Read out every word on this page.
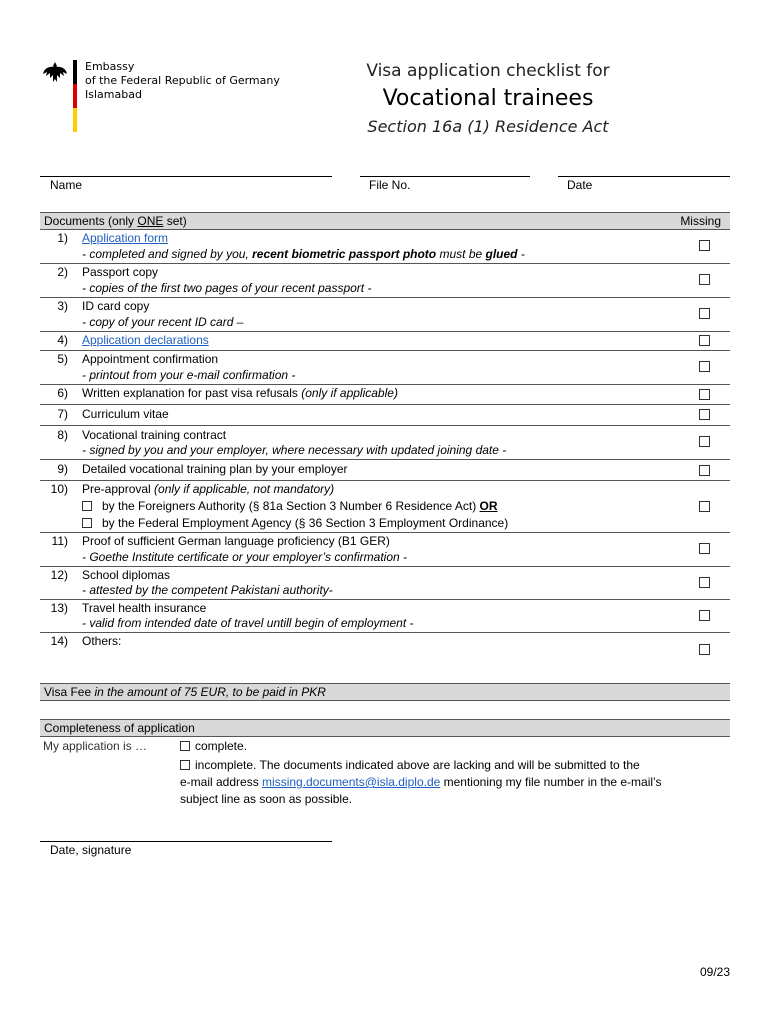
Embassy
of the Federal Republic of Germany
Islamabad
Visa application checklist for
Vocational trainees
Section 16a (1) Residence Act
Name	File No.	Date
Documents (only ONE set)	Missing
1) Application form
- completed and signed by you, recent biometric passport photo must be glued -
2) Passport copy
- copies of the first two pages of your recent passport -
3) ID card copy
- copy of your recent ID card –
4) Application declarations
5) Appointment confirmation
- printout from your e-mail confirmation -
6) Written explanation for past visa refusals (only if applicable)
7) Curriculum vitae
8) Vocational training contract
- signed by you and your employer, where necessary with updated joining date -
9) Detailed vocational training plan by your employer
10) Pre-approval (only if applicable, not mandatory)
by the Foreigners Authority (§ 81a Section 3 Number 6 Residence Act) OR
by the Federal Employment Agency (§ 36 Section 3 Employment Ordinance)
11) Proof of sufficient German language proficiency (B1 GER)
- Goethe Institute certificate or your employer’s confirmation -
12) School diplomas
- attested by the competent Pakistani authority-
13) Travel health insurance
- valid from intended date of travel untill begin of employment -
14) Others:
Visa Fee in the amount of 75 EUR, to be paid in PKR
Completeness of application
My application is …	complete.
incomplete. The documents indicated above are lacking and will be submitted to the
e-mail address missing.documents@isla.diplo.de mentioning my file number in the e-mail’s
subject line as soon as possible.
Date, signature
09/23
